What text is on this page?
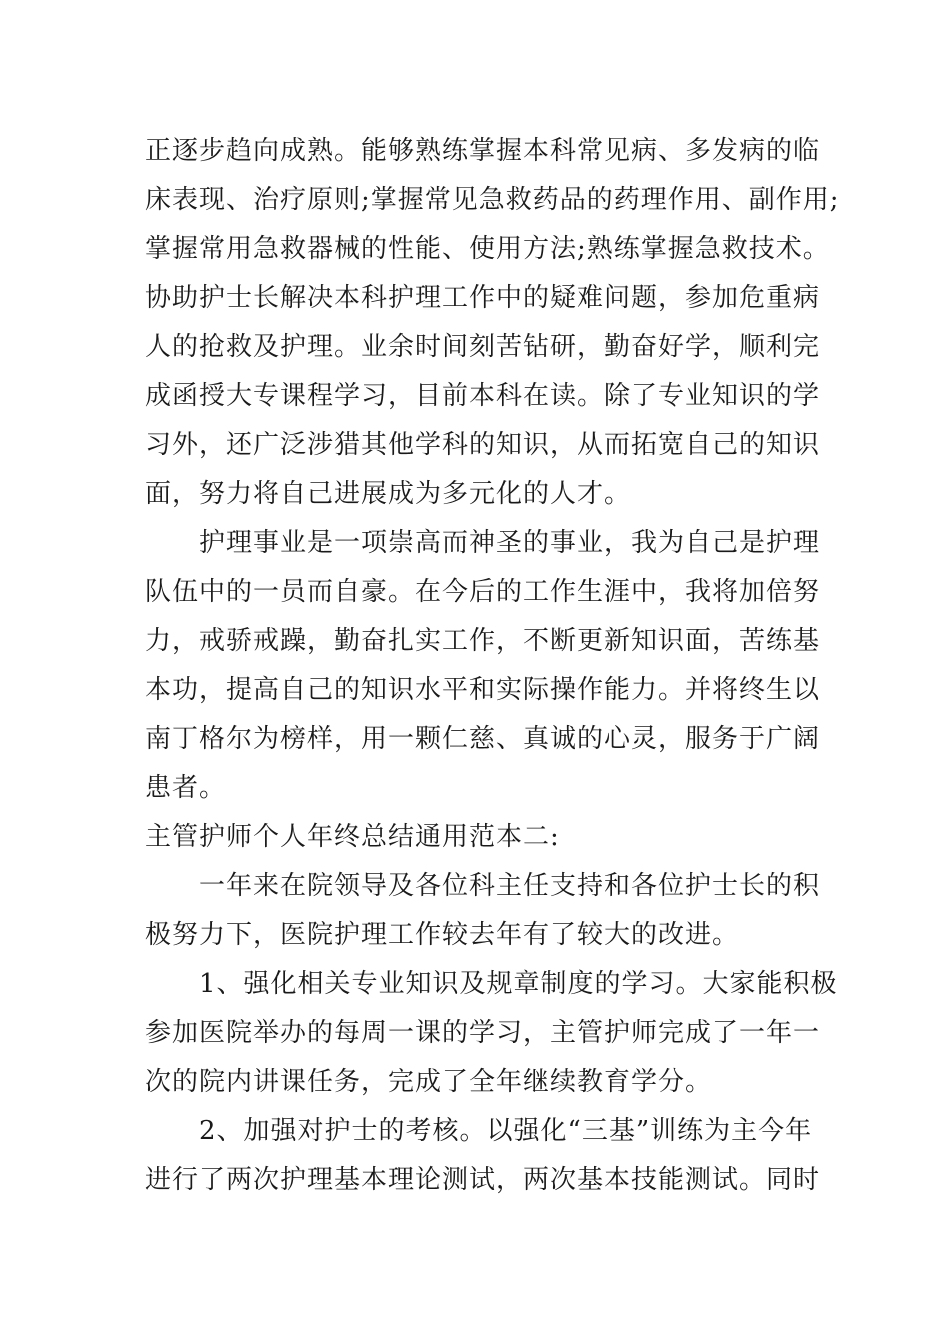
正逐步趋向成熟。能够熟练掌握本科常见病、多发病的临
床表现、治疗原则;掌握常见急救药品的药理作用、副作用;
掌握常用急救器械的性能、使用方法;熟练掌握急救技术。
协助护士长解决本科护理工作中的疑难问题，参加危重病
人的抢救及护理。业余时间刻苦钻研，勤奋好学，顺利完
成函授大专课程学习，目前本科在读。除了专业知识的学
习外，还广泛涉猎其他学科的知识，从而拓宽自己的知识
面，努力将自己进展成为多元化的人才。
护理事业是一项崇高而神圣的事业，我为自己是护理
队伍中的一员而自豪。在今后的工作生涯中，我将加倍努
力，戒骄戒躁，勤奋扎实工作，不断更新知识面，苦练基
本功，提高自己的知识水平和实际操作能力。并将终生以
南丁格尔为榜样，用一颗仁慈、真诚的心灵，服务于广阔
患者。
主管护师个人年终总结通用范本二:
一年来在院领导及各位科主任支持和各位护士长的积
极努力下，医院护理工作较去年有了较大的改进。
1、强化相关专业知识及规章制度的学习。大家能积极
参加医院举办的每周一课的学习，主管护师完成了一年一
次的院内讲课任务，完成了全年继续教育学分。
2、加强对护士的考核。以强化“三基”训练为主今年
进行了两次护理基本理论测试，两次基本技能测试。同时
